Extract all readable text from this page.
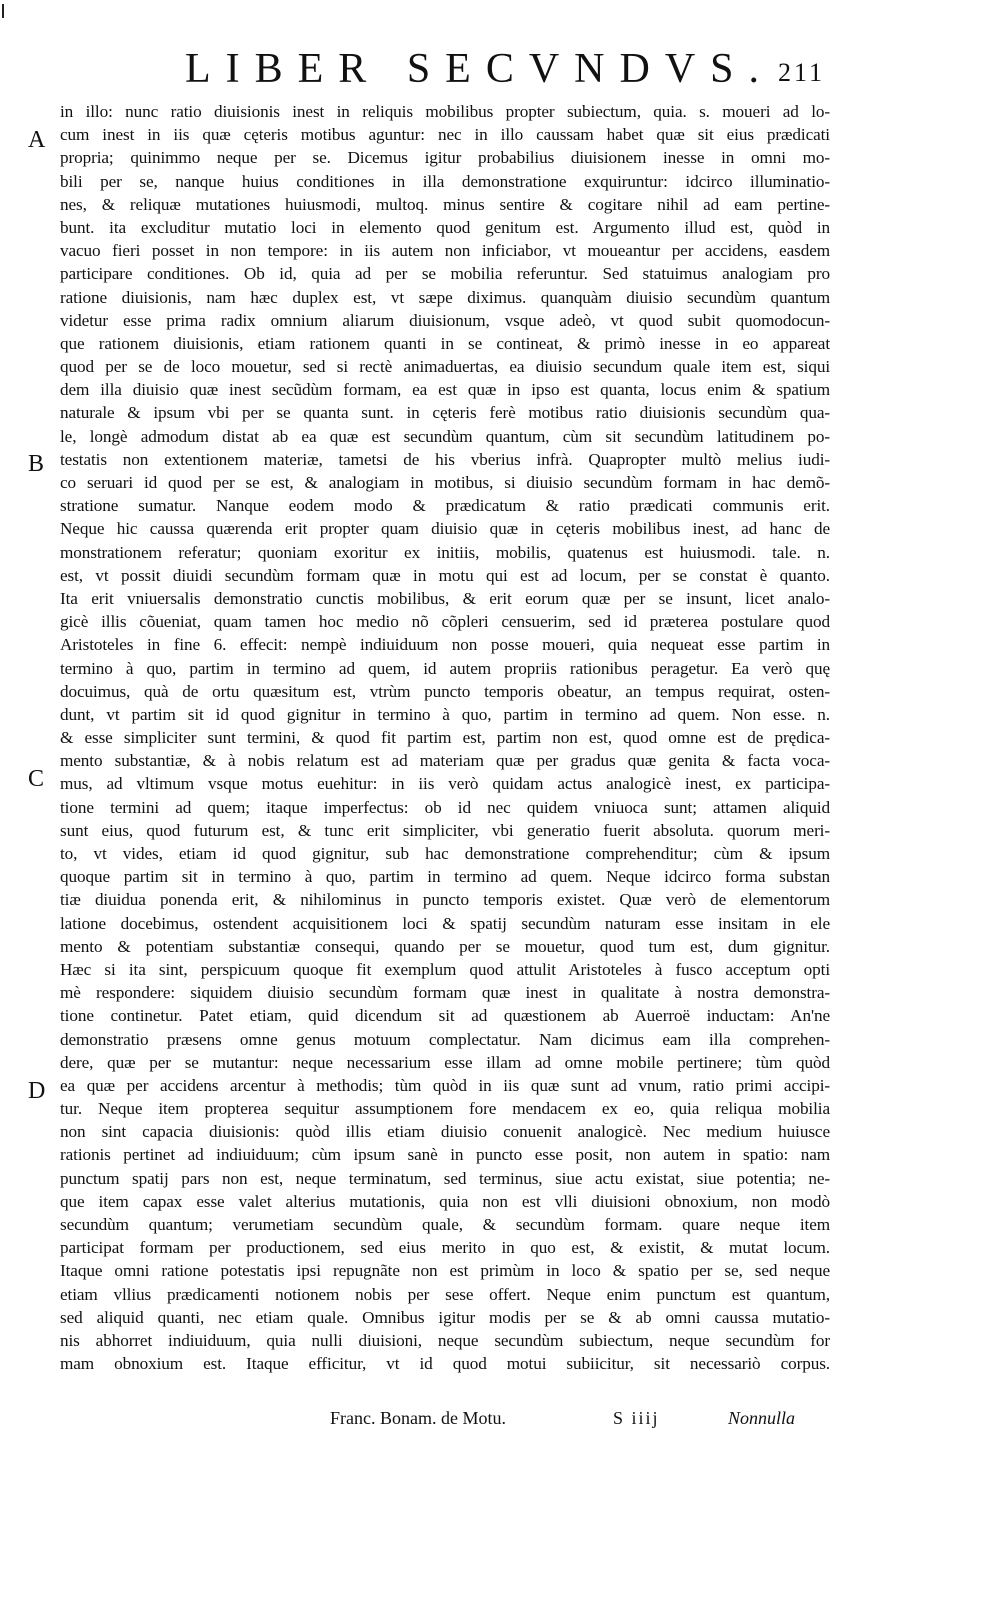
LIBER SECVNDVS. 211
A
B
C
D
in illo: nunc ratio diuisionis inest in reliquis mobilibus propter subiectum, quia. s. moueri ad lo-
cum inest in iis quæ cęteris motibus aguntur: nec in illo caussam habet quæ sit eius prædicati
propria; quinimmo neque per se. Dicemus igitur probabilius diuisionem inesse in omni mo-
bili per se, nanque huius conditiones in illa demonstratione exquiruntur: idcirco illuminatio-
nes, & reliquæ mutationes huiusmodi, multoq. minus sentire & cogitare nihil ad eam pertine-
bunt. ita excluditur mutatio loci in elemento quod genitum est. Argumento illud est, quòd in
vacuo fieri posset in non tempore: in iis autem non inficiabor, vt moueantur per accidens, easdem
participare conditiones. Ob id, quia ad per se mobilia referuntur. Sed statuimus analogiam pro
ratione diuisionis, nam hæc duplex est, vt sæpe diximus. quanquàm diuisio secundùm quantum
videtur esse prima radix omnium aliarum diuisionum, vsque adeò, vt quod subit quomodocun-
que rationem diuisionis, etiam rationem quanti in se contineat, & primò inesse in eo appareat
quod per se de loco mouetur, sed si rectè animaduertas, ea diuisio secundum quale item est, siqui
dem illa diuisio quæ inest secũdùm formam, ea est quæ in ipso est quanta, locus enim & spatium
naturale & ipsum vbi per se quanta sunt. in cęteris ferè motibus ratio diuisionis secundùm qua-
le, longè admodum distat ab ea quæ est secundùm quantum, cùm sit secundùm latitudinem po-
testatis non extentionem materiæ, tametsi de his vberius infrà. Quapropter multò melius iudi-
co seruari id quod per se est, & analogiam in motibus, si diuisio secundùm formam in hac demõ-
stratione sumatur. Nanque eodem modo & prædicatum & ratio prædicati communis erit.
Neque hic caussa quærenda erit propter quam diuisio quæ in cęteris mobilibus inest, ad hanc de
monstrationem referatur; quoniam exoritur ex initiis, mobilis, quatenus est huiusmodi. tale. n.
est, vt possit diuidi secundùm formam quæ in motu qui est ad locum, per se constat è quanto.
Ita erit vniuersalis demonstratio cunctis mobilibus, & erit eorum quæ per se insunt, licet analo-
gicè illis cõueniat, quam tamen hoc medio nõ cõpleri censuerim, sed id præterea postulare quod
Aristoteles in fine 6. effecit: nempè indiuiduum non posse moueri, quia nequeat esse partim in
termino à quo, partim in termino ad quem, id autem propriis rationibus peragetur. Ea verò quę
docuimus, quà de ortu quæsitum est, vtrùm puncto temporis obeatur, an tempus requirat, osten-
dunt, vt partim sit id quod gignitur in termino à quo, partim in termino ad quem. Non esse. n.
& esse simpliciter sunt termini, & quod fit partim est, partim non est, quod omne est de prędica-
mento substantiæ, & à nobis relatum est ad materiam quæ per gradus quæ genita & facta voca-
mus, ad vltimum vsque motus euehitur: in iis verò quidam actus analogicè inest, ex participa-
tione termini ad quem; itaque imperfectus: ob id nec quidem vniuoca sunt; attamen aliquid
sunt eius, quod futurum est, & tunc erit simpliciter, vbi generatio fuerit absoluta. quorum meri-
to, vt vides, etiam id quod gignitur, sub hac demonstratione comprehenditur; cùm & ipsum
quoque partim sit in termino à quo, partim in termino ad quem. Neque idcirco forma substan
tiæ diuidua ponenda erit, & nihilominus in puncto temporis existet. Quæ verò de elementorum
latione docebimus, ostendent acquisitionem loci & spatij secundùm naturam esse insitam in ele
mento & potentiam substantiæ consequi, quando per se mouetur, quod tum est, dum gignitur.
Hæc si ita sint, perspicuum quoque fit exemplum quod attulit Aristoteles à fusco acceptum opti
mè respondere: siquidem diuisio secundùm formam quæ inest in qualitate à nostra demonstra-
tione continetur. Patet etiam, quid dicendum sit ad quæstionem ab Auerroë inductam: An'ne
demonstratio præsens omne genus motuum complectatur. Nam dicimus eam illa comprehen-
dere, quæ per se mutantur: neque necessarium esse illam ad omne mobile pertinere; tùm quòd
ea quæ per accidens arcentur à methodis; tùm quòd in iis quæ sunt ad vnum, ratio primi accipi-
tur. Neque item propterea sequitur assumptionem fore mendacem ex eo, quia reliqua mobilia
non sint capacia diuisionis: quòd illis etiam diuisio conuenit analogicè. Nec medium huiusce
rationis pertinet ad indiuiduum; cùm ipsum sanè in puncto esse posit, non autem in spatio: nam
punctum spatij pars non est, neque terminatum, sed terminus, siue actu existat, siue potentia; ne-
que item capax esse valet alterius mutationis, quia non est vlli diuisioni obnoxium, non modò
secundùm quantum; verumetiam secundùm quale, & secundùm formam. quare neque item
participat formam per productionem, sed eius merito in quo est, & existit, & mutat locum.
Itaque omni ratione potestatis ipsi repugnãte non est primùm in loco & spatio per se, sed neque
etiam vllius prædicamenti notionem nobis per sese offert. Neque enim punctum est quantum,
sed aliquid quanti, nec etiam quale. Omnibus igitur modis per se & ab omni caussa mutatio-
nis abhorret indiuiduum, quia nulli diuisioni, neque secundùm subiectum, neque secundùm for
mam obnoxium est. Itaque efficitur, vt id quod motui subiicitur, sit necessariò corpus.
Franc. Bonam. de Motu.	S iiij	Nonnulla
